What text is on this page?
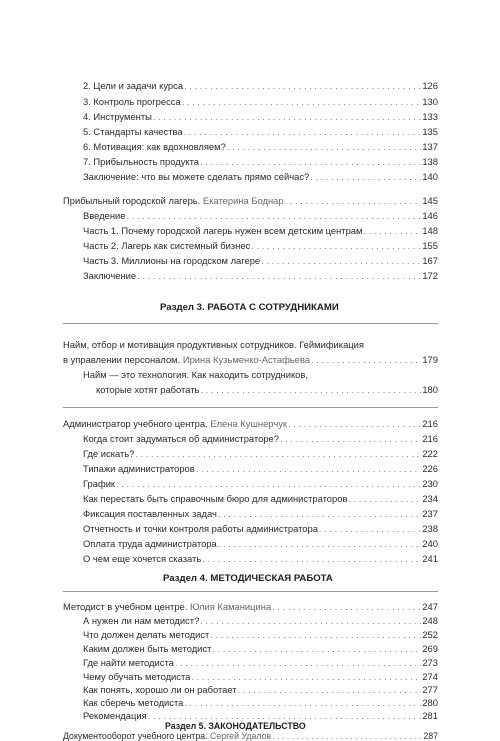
2. Цели и задачи курса . . .	126
3. Контроль прогресса . . .	130
4. Инструменты . . .	133
5. Стандарты качества . . .	135
6. Мотивация: как вдохновляем? . . .	137
7. Прибыльность продукта . . .	138
Заключение: что вы можете сделать прямо сейчас? . . .	140
Прибыльный городской лагерь.
Екатерина Боднар . . .	145
Введение . . .	146
Часть 1. Почему городской лагерь нужен всем детским центрам . . .	148
Часть 2. Лагерь как системный бизнес . . .	155
Часть 3. Миллионы на городском лагере . . .	167
Заключение . . .	172
Раздел 3. РАБОТА С СОТРУДНИКАМИ
Найм, отбор и мотивация продуктивных сотрудников. Геймификация
в управлении персоналом.
Ирина Кузьменко-Астафьева . . .	179
Найм — это технология. Как находить сотрудников,
которые хотят работать . . .	180
Администратор учебного центра.
Елена Кушнерчук . . .	216
Когда стоит задуматься об администраторе? . . .	216
Где искать? . . .	222
Типажи администраторов . . .	226
График . . .	230
Как перестать быть справочным бюро для администраторов . . .	234
Фиксация поставленных задач . . .	237
Отчетность и точки контроля работы администратора . . .	238
Оплата труда администратора . . .	240
О чем еще хочется сказать . . .	241
Раздел 4. МЕТОДИЧЕСКАЯ РАБОТА
Методист в учебном центре.
Юлия Каманицина . . .	247
А нужен ли нам методист? . . .	248
Что должен делать методист . . .	252
Каким должен быть методист . . .	269
Где найти методиста . . .	273
Чему обучать методиста . . .	274
Как понять, хорошо ли он работает . . .	277
Как сберечь методиста . . .	280
Рекомендация . . .	281
Раздел 5. ЗАКОНОДАТЕЛЬСТВО
Документооборот учебного центра.
Сергей Удалов . . .	287
